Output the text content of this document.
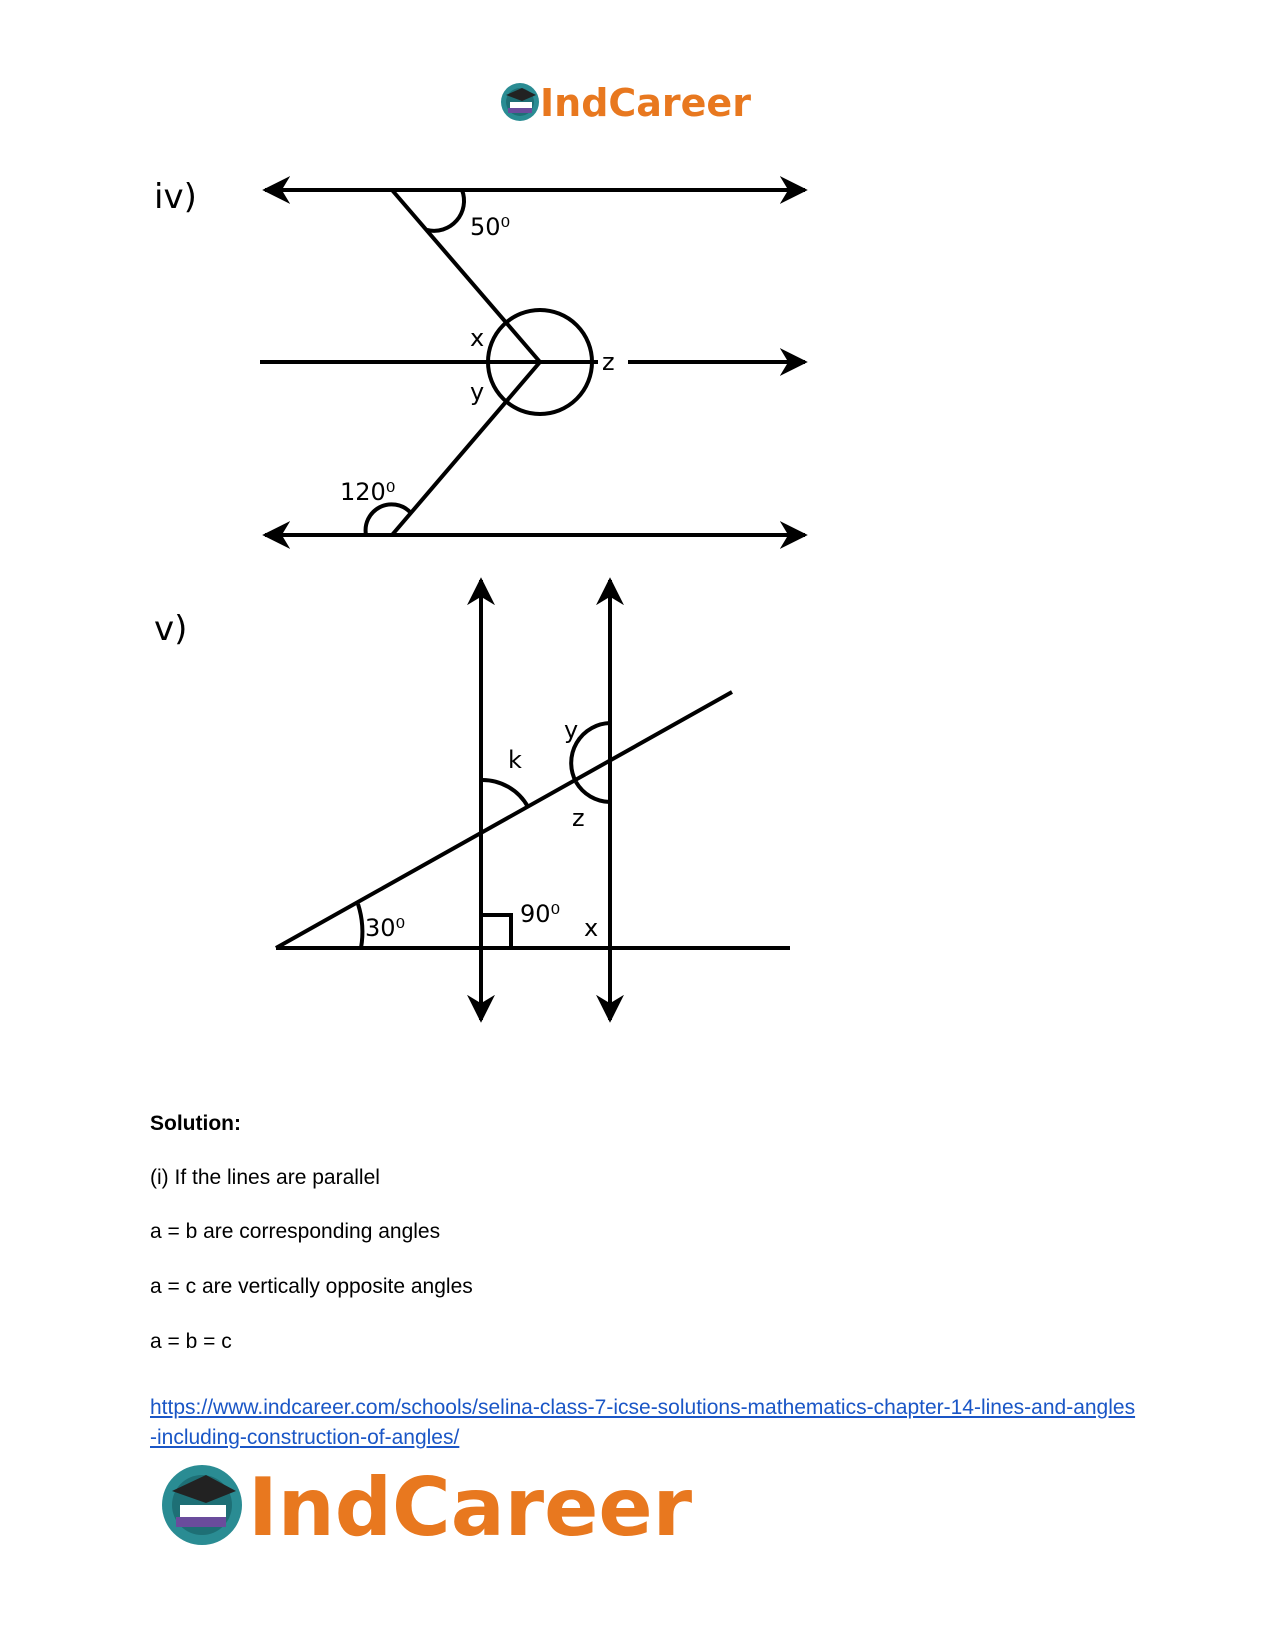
IndCareer
iv)
50⁰
x
y
z
120⁰
v)
30⁰	90⁰
k
y
z
x
Solution:
(i) If the lines are parallel
a = b are corresponding angles
a = c are vertically opposite angles
a = b = c
https://www.indcareer.com/schools/selina-class-7-icse-solutions-mathematics-chapter-14-lines-and-angles-including-construction-of-angles/
IndCareer
